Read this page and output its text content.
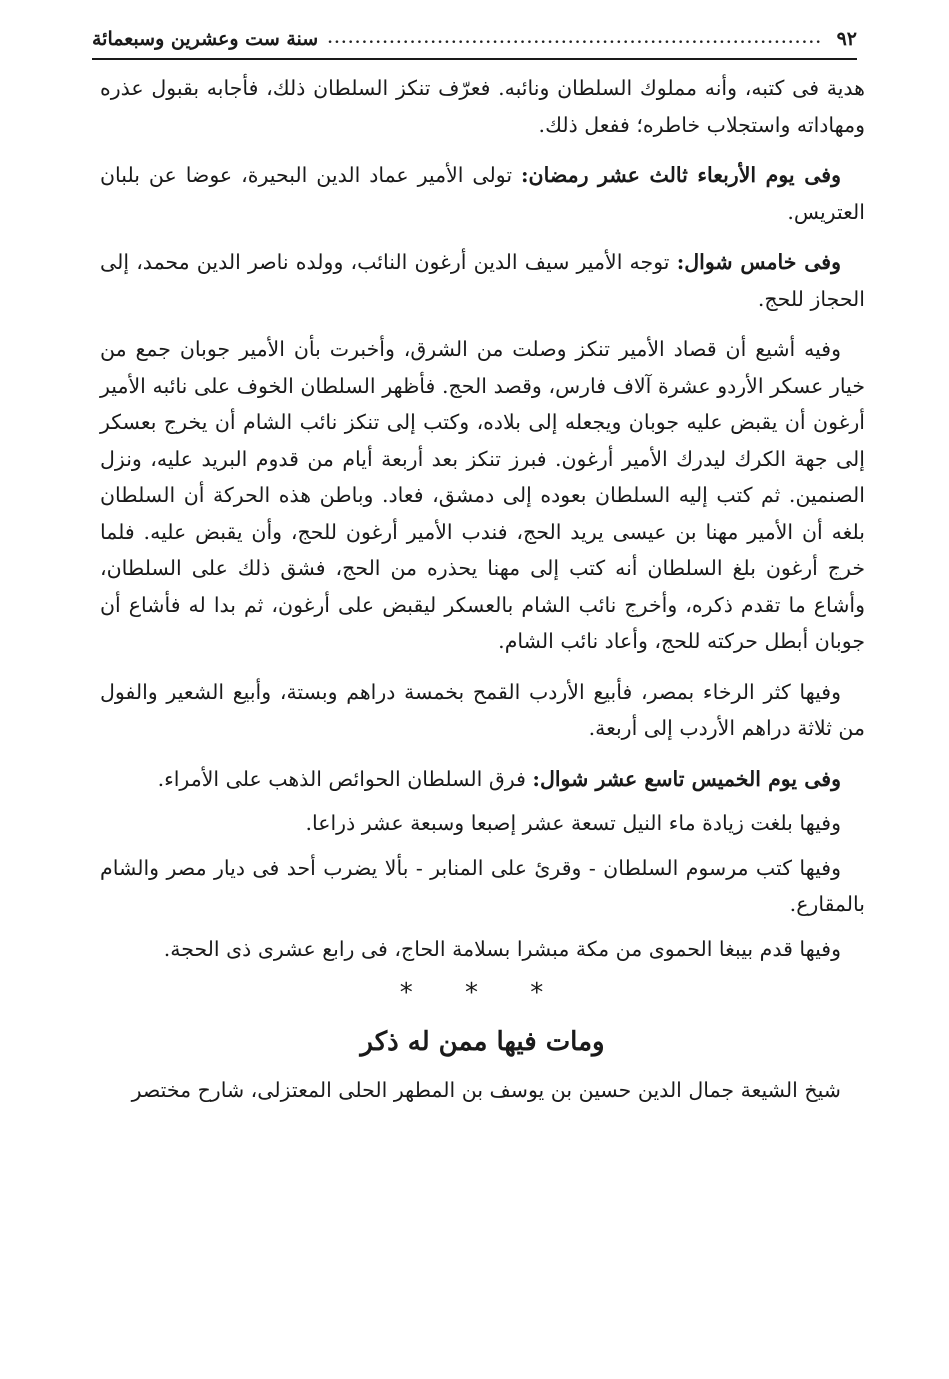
٩٢
.....
سنة ست وعشرين وسبعمائة

هدية فى كتبه، وأنه مملوك السلطان ونائبه. فعرّف تنكز السلطان ذلك، فأجابه بقبول عذره ومهاداته واستجلاب خاطره؛ ففعل ذلك.

وفى يوم الأربعاء ثالث عشر رمضان: تولى الأمير عماد الدين البحيرة، عوضا عن بلبان العتريس.

وفى خامس شوال: توجه الأمير سيف الدين أرغون النائب، وولده ناصر الدين محمد، إلى الحجاز للحج.

وفيه أشيع أن قصاد الأمير تنكز وصلت من الشرق، وأخبرت بأن الأمير جوبان جمع من خيار عسكر الأردو عشرة آلاف فارس، وقصد الحج. فأظهر السلطان الخوف على نائبه الأمير أرغون أن يقبض عليه جوبان ويجعله إلى بلاده، وكتب إلى تنكز نائب الشام أن يخرج بعسكر إلى جهة الكرك ليدرك الأمير أرغون. فبرز تنكز بعد أربعة أيام من قدوم البريد عليه، ونزل الصنمين. ثم كتب إليه السلطان بعوده إلى دمشق، فعاد. وباطن هذه الحركة أن السلطان بلغه أن الأمير مهنا بن عيسى يريد الحج، فندب الأمير أرغون للحج، وأن يقبض عليه. فلما خرج أرغون بلغ السلطان أنه كتب إلى مهنا يحذره من الحج، فشق ذلك على السلطان، وأشاع ما تقدم ذكره، وأخرج نائب الشام بالعسكر ليقبض على أرغون، ثم بدا له فأشاع أن جوبان أبطل حركته للحج، وأعاد نائب الشام.

وفيها كثر الرخاء بمصر، فأبيع الأردب القمح بخمسة دراهم وبستة، وأبيع الشعير والفول من ثلاثة دراهم الأردب إلى أربعة.

وفى يوم الخميس تاسع عشر شوال: فرق السلطان الحوائص الذهب على الأمراء.

وفيها بلغت زيادة ماء النيل تسعة عشر إصبعا وسبعة عشر ذراعا.

وفيها كتب مرسوم السلطان - وقرئ على المنابر - بألا يضرب أحد فى ديار مصر والشام بالمقارع.

وفيها قدم بيبغا الحموى من مكة مبشرا بسلامة الحاج، فى رابع عشرى ذى الحجة.

* * *
ومات فيها ممن له ذكر

شيخ الشيعة جمال الدين حسين بن يوسف بن المطهر الحلى المعتزلى، شارح مختصر
